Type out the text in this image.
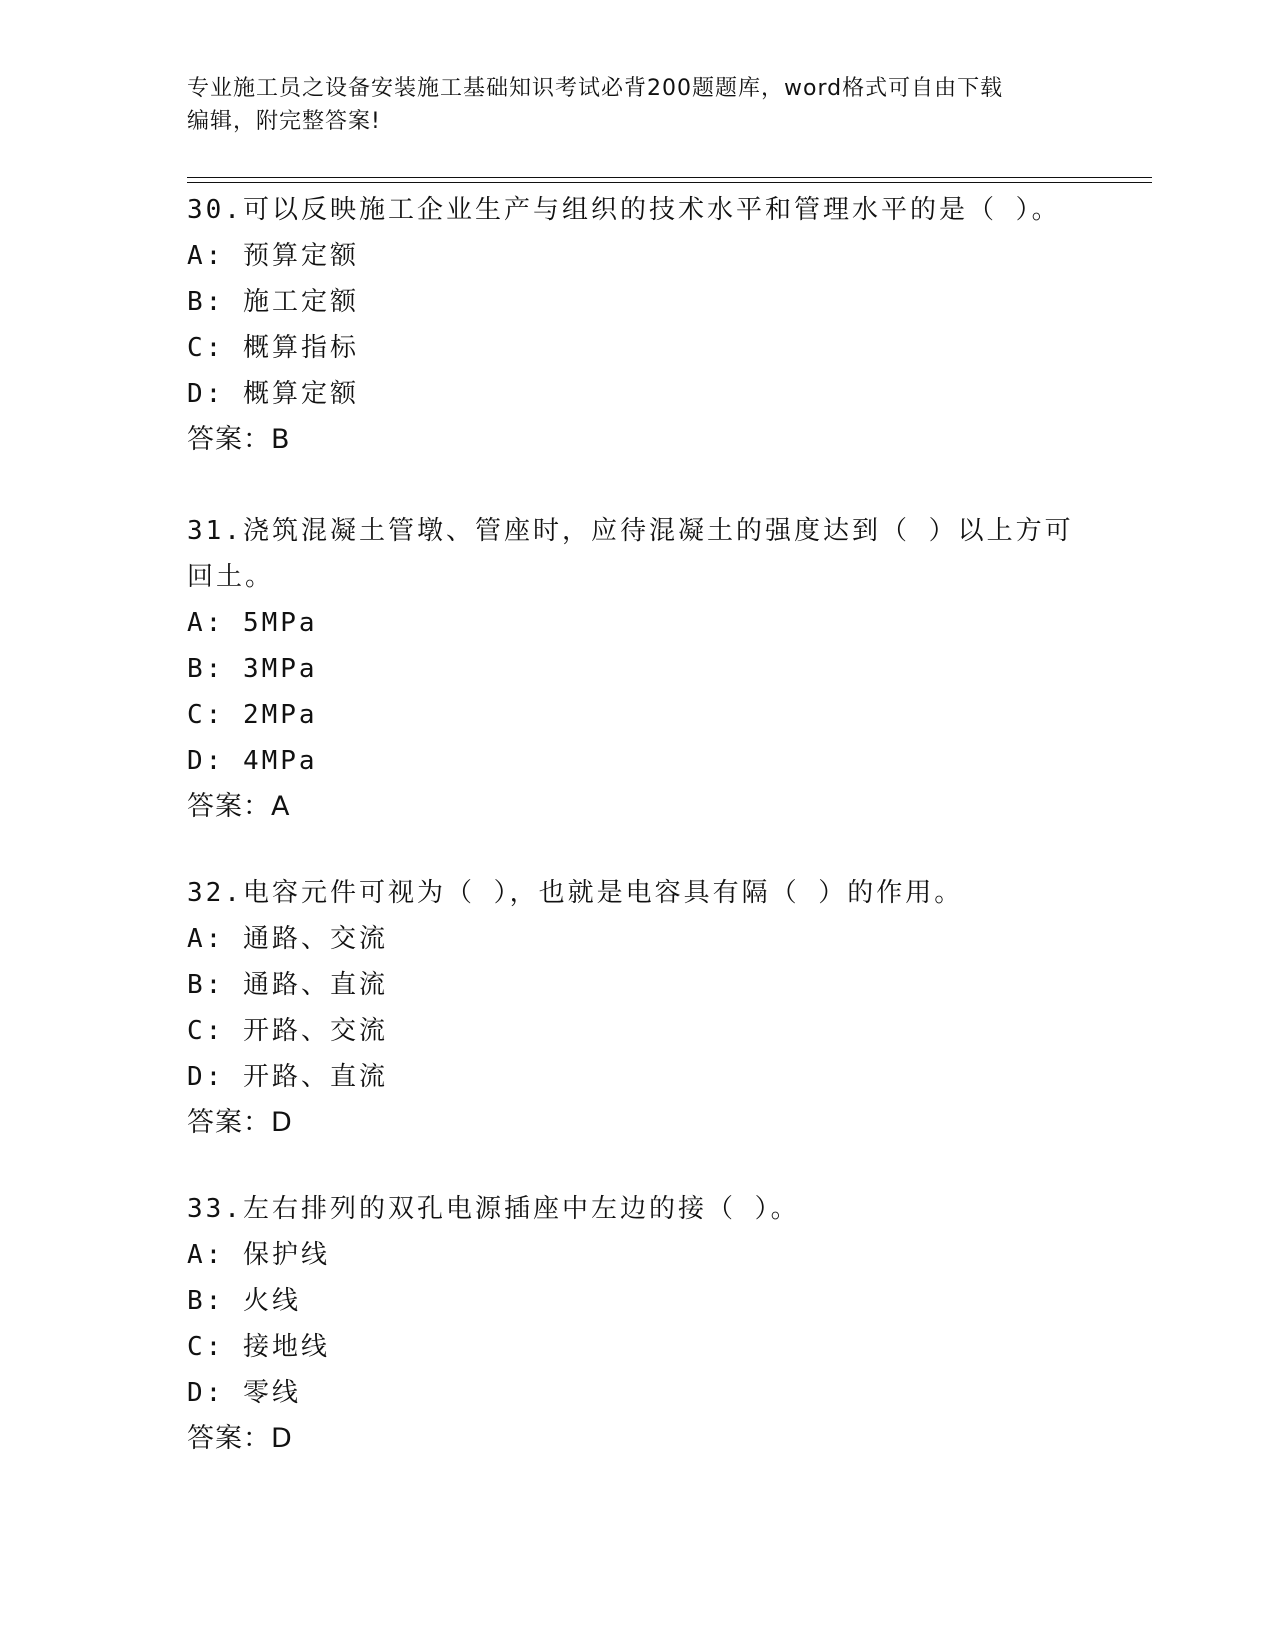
专业施工员之设备安装施工基础知识考试必背200题题库，word格式可自由下载
编辑，附完整答案!
30.可以反映施工企业生产与组织的技术水平和管理水平的是（ ）。
A: 预算定额
B: 施工定额
C: 概算指标
D: 概算定额
答案：B
31.浇筑混凝土管墩、管座时，应待混凝土的强度达到（ ）以上方可
回土。
A: 5MPa
B: 3MPa
C: 2MPa
D: 4MPa
答案：A
32.电容元件可视为（ ），也就是电容具有隔（ ）的作用。
A: 通路、交流
B: 通路、直流
C: 开路、交流
D: 开路、直流
答案：D
33.左右排列的双孔电源插座中左边的接（ ）。
A: 保护线
B: 火线
C: 接地线
D: 零线
答案：D
